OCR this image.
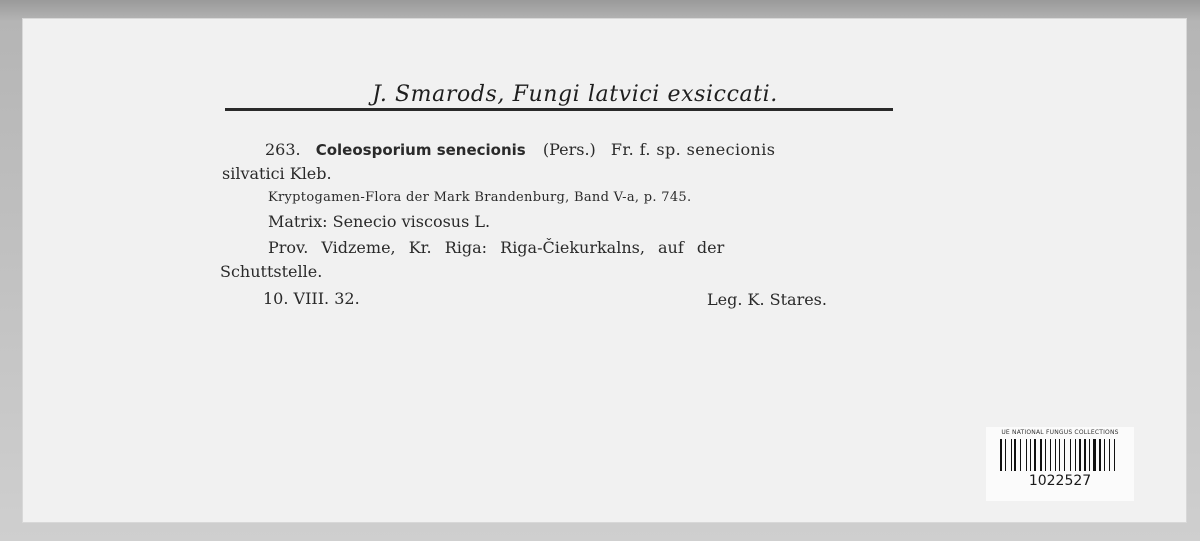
J. Smarods, Fungi latvici exsiccati.
263. Coleosporium senecionis (Pers.) Fr. f. sp. senecionis
silvatici Kleb.
Kryptogamen-Flora der Mark Brandenburg, Band V-a, p. 745.
Matrix: Senecio viscosus L.
Prov. Vidzeme, Kr. Riga: Riga-Čiekurkalns, auf der
Schuttstelle.
10. VIII. 32.	Leg. K. Stares.
UE NATIONAL FUNGUS COLLECTIONS
1022527
